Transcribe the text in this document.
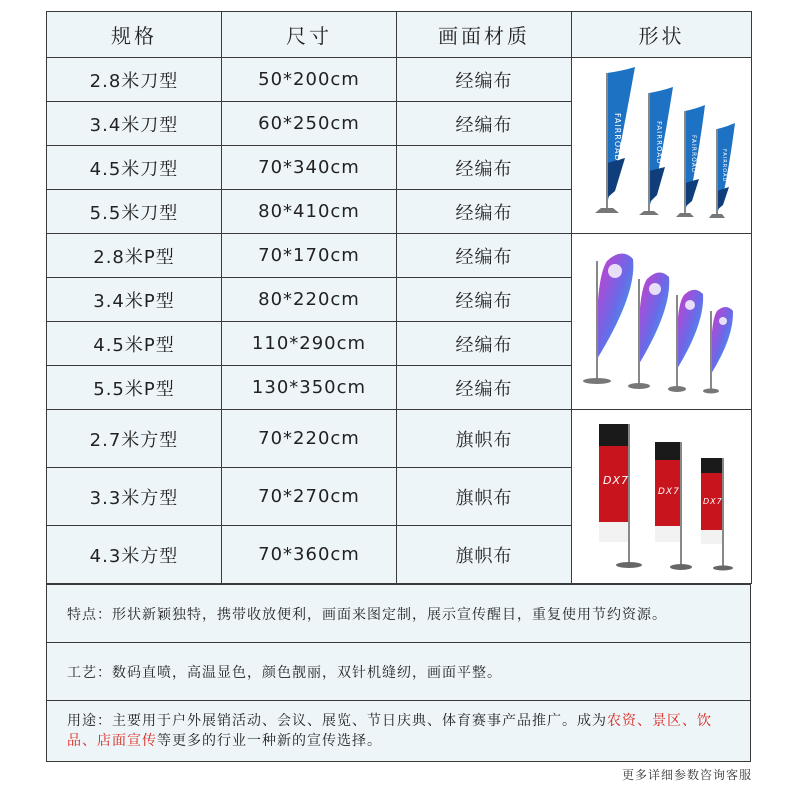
规格	尺寸	画面材质	形状
2.8米刀型	50*200cm	经编布	FAIRROAD FAIRROAD FAIRROAD FAIRROAD

3.4米刀型	60*250cm	经编布	
4.5米刀型	70*340cm	经编布	
5.5米刀型	80*410cm	经编布	
2.8米P型	70*170cm	经编布	
3.4米P型	80*220cm	经编布	
4.5米P型	110*290cm	经编布	
5.5米P型	130*350cm	经编布	
2.7米方型	70*220cm	旗帜布	DX7
DX7
DX7

3.3米方型	70*270cm	旗帜布	
4.3米方型	70*360cm	旗帜布	
特点：形状新颖独特，携带收放便利，画面来图定制，展示宣传醒目，重复使用节约资源。
工艺：数码直喷，高温显色，颜色靓丽，双针机缝纫，画面平整。
用途：主要用于户外展销活动、会议、展览、节日庆典、体育赛事产品推广。成为农资、景区、饮品、店面宣传等更多的行业一种新的宣传选择。
更多详细参数咨询客服
